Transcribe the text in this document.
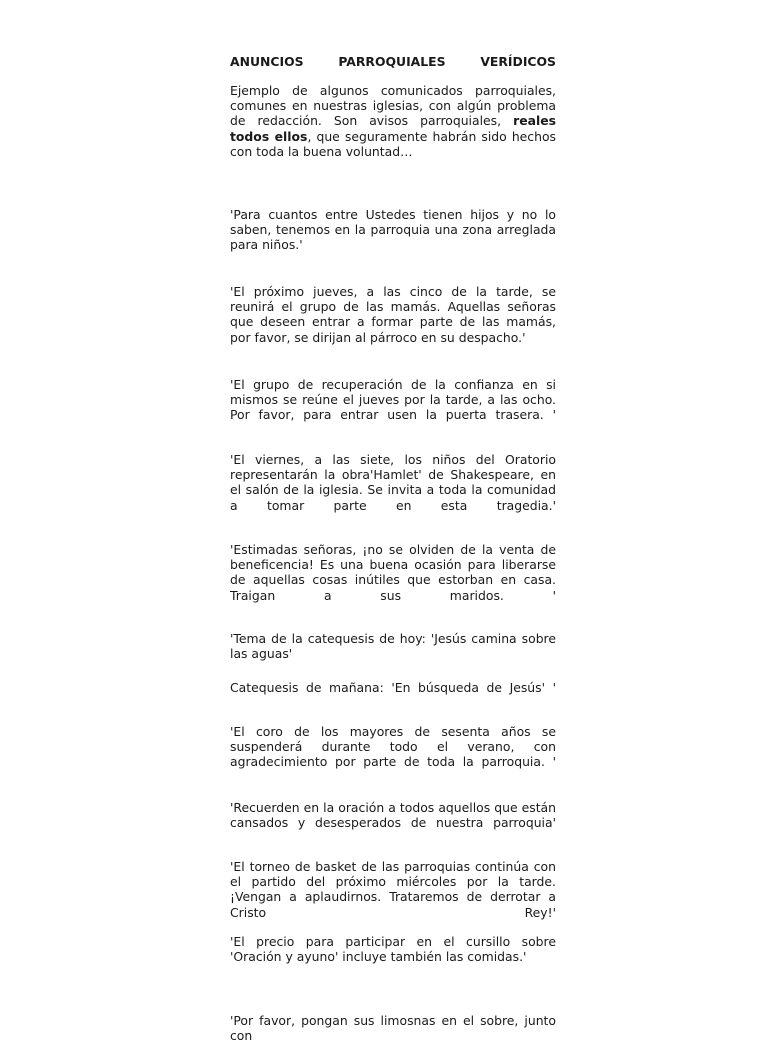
ANUNCIOS	PARROQUIALES	VERÍDICOS

Ejemplo de algunos comunicados parroquiales, comunes en nuestras iglesias, con algún problema de redacción. Son avisos parroquiales, reales todos ellos, que seguramente habrán sido hechos con toda la buena voluntad…

'Para cuantos entre Ustedes tienen hijos y no lo saben, tenemos en la parroquia una zona arreglada para niños.'

'El próximo jueves, a las cinco de la tarde, se reunirá el grupo de las mamás. Aquellas señoras que deseen entrar a formar parte de las mamás, por favor, se dirijan al párroco en su despacho.'

'El grupo de recuperación de la confianza en si mismos se reúne el jueves por la tarde, a las ocho. Por favor, para entrar usen la puerta trasera. '

'El viernes, a las siete, los niños del Oratorio representarán la obra'Hamlet' de Shakespeare, en el salón de la iglesia. Se invita a toda la comunidad a tomar parte en esta tragedia.'

'Estimadas señoras, ¡no se olviden de la venta de beneficencia! Es una buena ocasión para liberarse de aquellas cosas inútiles que estorban en casa. Traigan a sus maridos. '

'Tema de la catequesis de hoy: 'Jesús camina sobre las aguas'

Catequesis de mañana: 'En búsqueda de Jesús' '

'El coro de los mayores de sesenta años se suspenderá durante todo el verano, con agradecimiento por parte de toda la parroquia. '

'Recuerden en la oración a todos aquellos que están cansados y desesperados de nuestra parroquia'

'El torneo de basket de las parroquias continúa con el partido del próximo miércoles por la tarde. ¡Vengan a aplaudirnos. Trataremos de derrotar a Cristo Rey!'

'El precio para participar en el cursillo sobre 'Oración y ayuno' incluye también las comidas.'

'Por favor, pongan sus limosnas en el sobre, junto con
